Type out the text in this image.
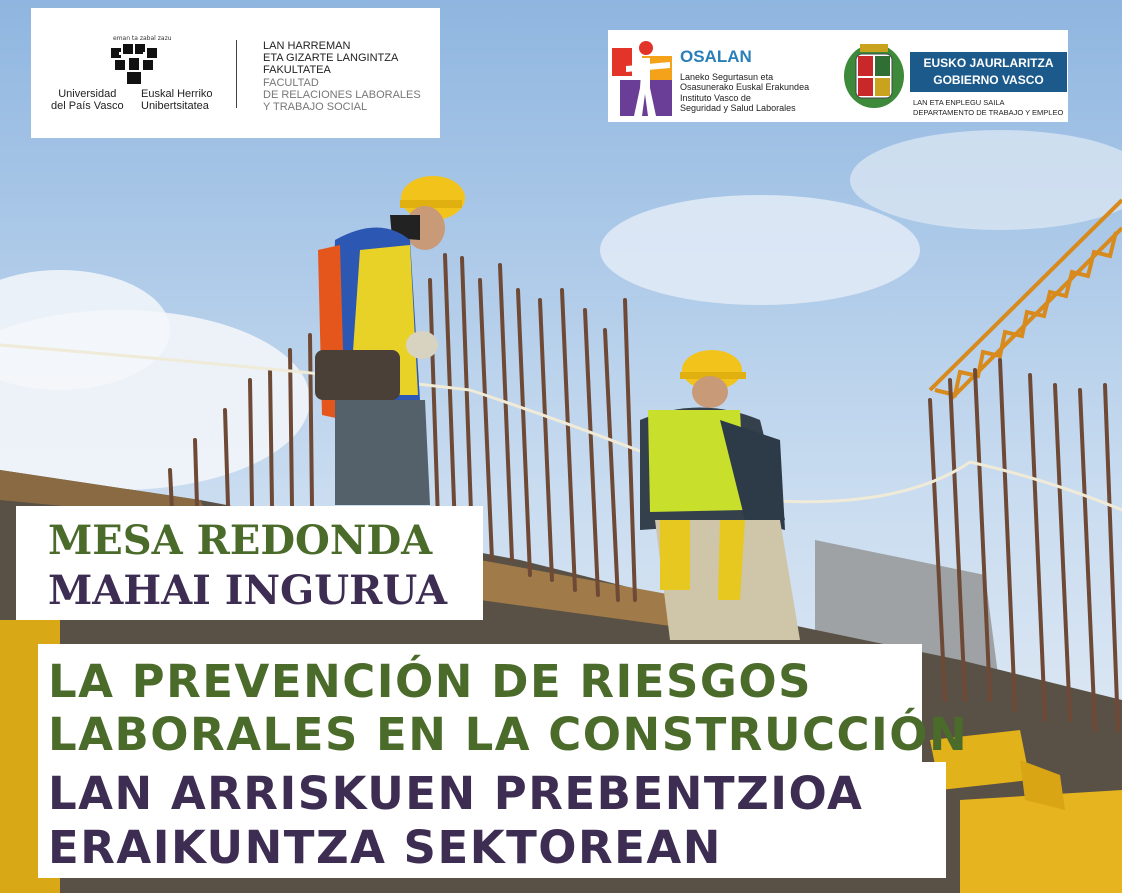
eman ta zabal zazu
Universidad
del País Vasco
Euskal Herriko
Unibertsitatea
LAN HARREMAN
ETA GIZARTE LANGINTZA
FAKULTATEA
FACULTAD
DE RELACIONES LABORALES
Y TRABAJO SOCIAL
OSALAN
Laneko Segurtasun eta
Osasunerako Euskal Erakundea
Instituto Vasco de
Seguridad y Salud Laborales
EUSKO JAURLARITZA
GOBIERNO VASCO
LAN ETA ENPLEGU SAILA
DEPARTAMENTO DE TRABAJO Y EMPLEO
MESA REDONDA
MAHAI INGURUA
LA PREVENCIÓN DE RIESGOS
LABORALES EN LA CONSTRUCCIÓN
LAN ARRISKUEN PREBENTZIOA
ERAIKUNTZA SEKTOREAN
